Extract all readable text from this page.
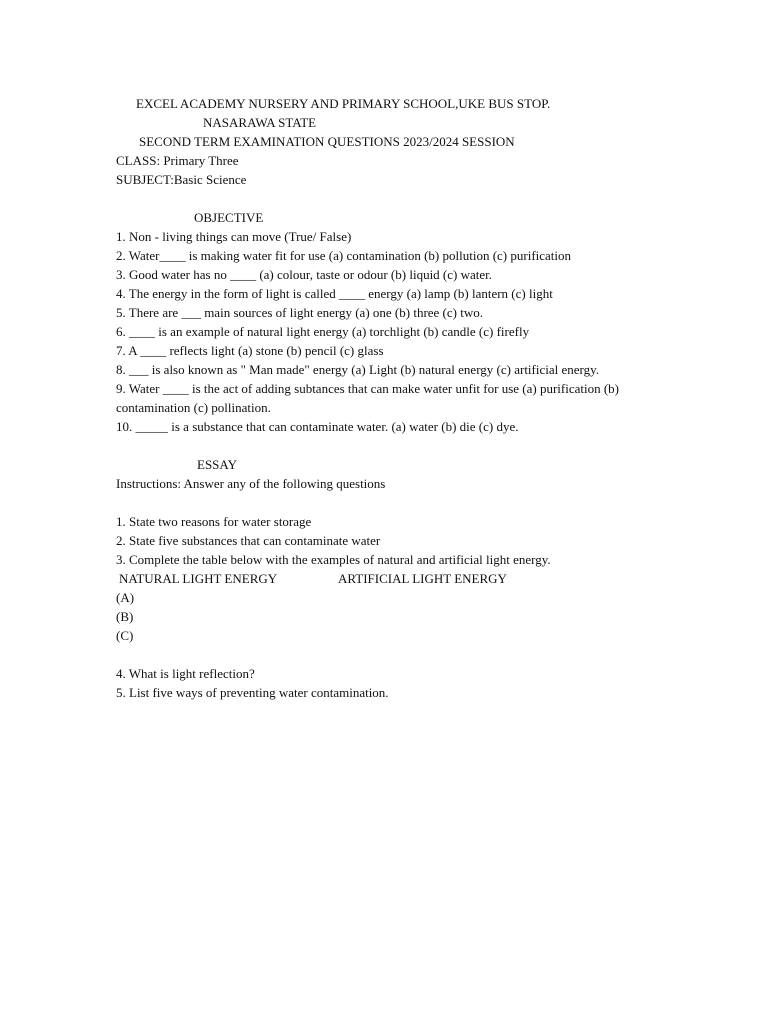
EXCEL ACADEMY NURSERY AND PRIMARY SCHOOL,UKE BUS STOP.
NASARAWA STATE
SECOND TERM EXAMINATION QUESTIONS 2023/2024 SESSION
CLASS: Primary Three
SUBJECT:Basic Science
OBJECTIVE
1. Non - living things can move (True/ False)
2. Water____ is making water fit for use (a) contamination (b) pollution (c) purification
3. Good water has no ____ (a) colour, taste or odour (b) liquid (c) water.
4. The energy in the form of light is called ____ energy (a) lamp (b) lantern (c) light
5. There are ___ main sources of light energy (a) one (b) three (c) two.
6. ____ is an example of natural light energy (a) torchlight (b) candle (c) firefly
7. A ____ reflects light (a) stone (b) pencil (c) glass
8. ___ is also known as " Man made" energy (a) Light (b) natural energy (c) artificial energy.
9. Water ____ is the act of adding subtances that can make water unfit for use (a) purification (b)
contamination (c) pollination.
10. _____ is a substance that can contaminate water. (a) water (b) die (c) dye.
ESSAY
Instructions: Answer any of the following questions
1. State two reasons for water storage
2. State five substances that can contaminate water
3. Complete the table below with the examples of natural and artificial light energy.
NATURAL LIGHT ENERGY	ARTIFICIAL LIGHT ENERGY
(A)
(B)
(C)
4. What is light reflection?
5. List five ways of preventing water contamination.
